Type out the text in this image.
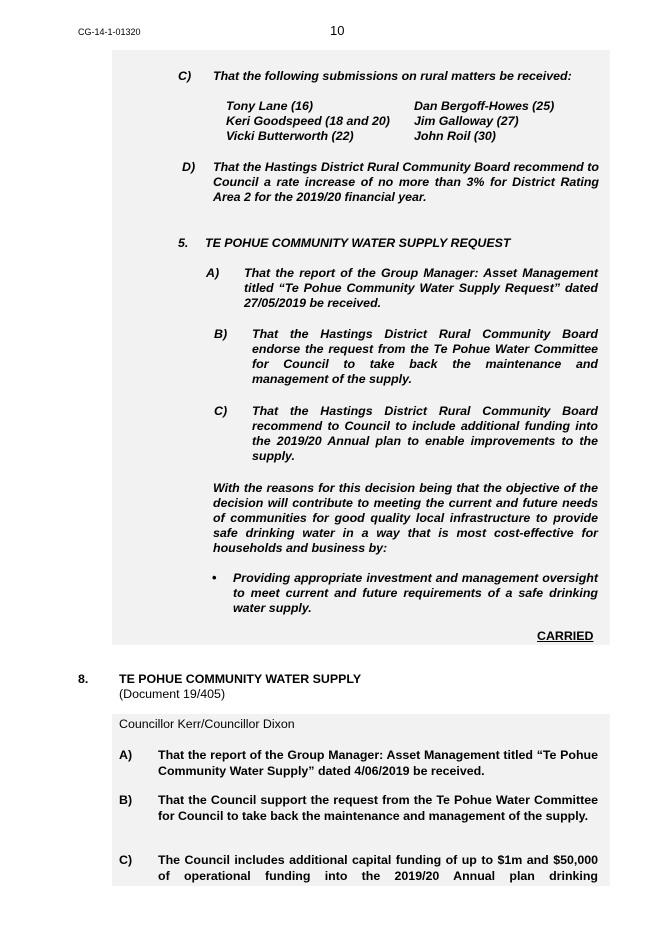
CG-14-1-01320	10
C) That the following submissions on rural matters be received:
Tony Lane (16)
Keri Goodspeed (18 and 20)
Vicki Butterworth (22)
Dan Bergoff-Howes (25)
Jim Galloway (27)
John Roil (30)
D) That the Hastings District Rural Community Board recommend to Council a rate increase of no more than 3% for District Rating Area 2 for the 2019/20 financial year.
5. TE POHUE COMMUNITY WATER SUPPLY REQUEST
A) That the report of the Group Manager: Asset Management titled “Te Pohue Community Water Supply Request” dated 27/05/2019 be received.
B) That the Hastings District Rural Community Board endorse the request from the Te Pohue Water Committee for Council to take back the maintenance and management of the supply.
C) That the Hastings District Rural Community Board recommend to Council to include additional funding into the 2019/20 Annual plan to enable improvements to the supply.
With the reasons for this decision being that the objective of the decision will contribute to meeting the current and future needs of communities for good quality local infrastructure to provide safe drinking water in a way that is most cost-effective for households and business by:
• Providing appropriate investment and management oversight to meet current and future requirements of a safe drinking water supply.
CARRIED
8. TE POHUE COMMUNITY WATER SUPPLY
(Document 19/405)
Councillor Kerr/Councillor Dixon
A) That the report of the Group Manager: Asset Management titled “Te Pohue Community Water Supply” dated 4/06/2019 be received.
B) That the Council support the request from the Te Pohue Water Committee for Council to take back the maintenance and management of the supply.
C) The Council includes additional capital funding of up to $1m and $50,000 of operational funding into the 2019/20 Annual plan drinking
